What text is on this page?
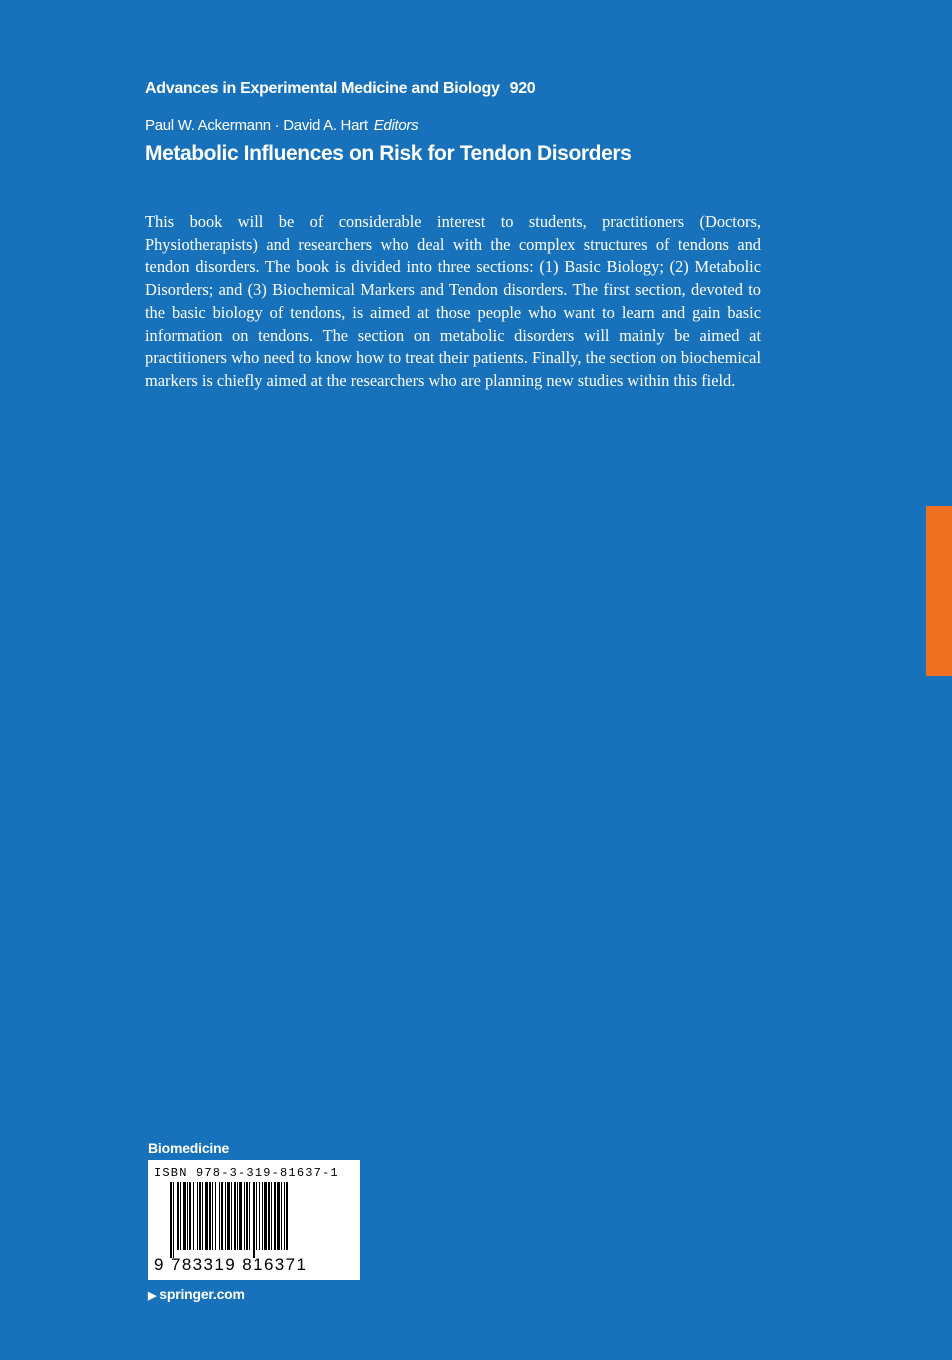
Advances in Experimental Medicine and Biology 920
Paul W. Ackermann · David A. Hart Editors
Metabolic Influences on Risk for Tendon Disorders
This book will be of considerable interest to students, practitioners (Doctors, Physiotherapists) and researchers who deal with the complex structures of tendons and tendon disorders. The book is divided into three sections: (1) Basic Biology; (2) Metabolic Disorders; and (3) Biochemical Markers and Tendon disorders. The first section, devoted to the basic biology of tendons, is aimed at those people who want to learn and gain basic information on tendons. The section on metabolic disorders will mainly be aimed at practitioners who need to know how to treat their patients. Finally, the section on biochemical markers is chiefly aimed at the researchers who are planning new studies within this field.
Biomedicine
ISBN 978-3-319-81637-1
9 783319 816371
▶ springer.com
